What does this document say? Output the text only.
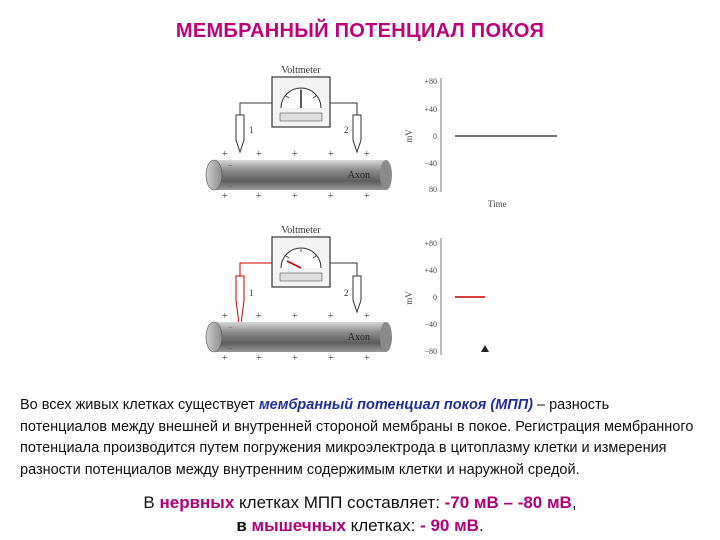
МЕМБРАННЫЙ ПОТЕНЦИАЛ ПОКОЯ
Voltmeter
1	2
Axon
+	+	+	+	+
+	+	+	+	+
−
−
+80
+40
0
−40
80
mV
Time
Voltmeter
1	2
Axon
+	+	+	+	+
+	+	+	+	+
−
−
+80
+40
0
−40
−80
mV
Во всех живых клетках существует мембранный потенциал покоя (МПП) – разность потенциалов между внешней и внутренней стороной мембраны в покое. Регистрация мембранного потенциала производится путем погружения микроэлектрода в цитоплазму клетки и измерения разности потенциалов между внутренним содержимым клетки и наружной средой.
В нервных клетках МПП составляет: -70 мВ – -80 мВ,
в мышечных клетках: - 90 мВ.
